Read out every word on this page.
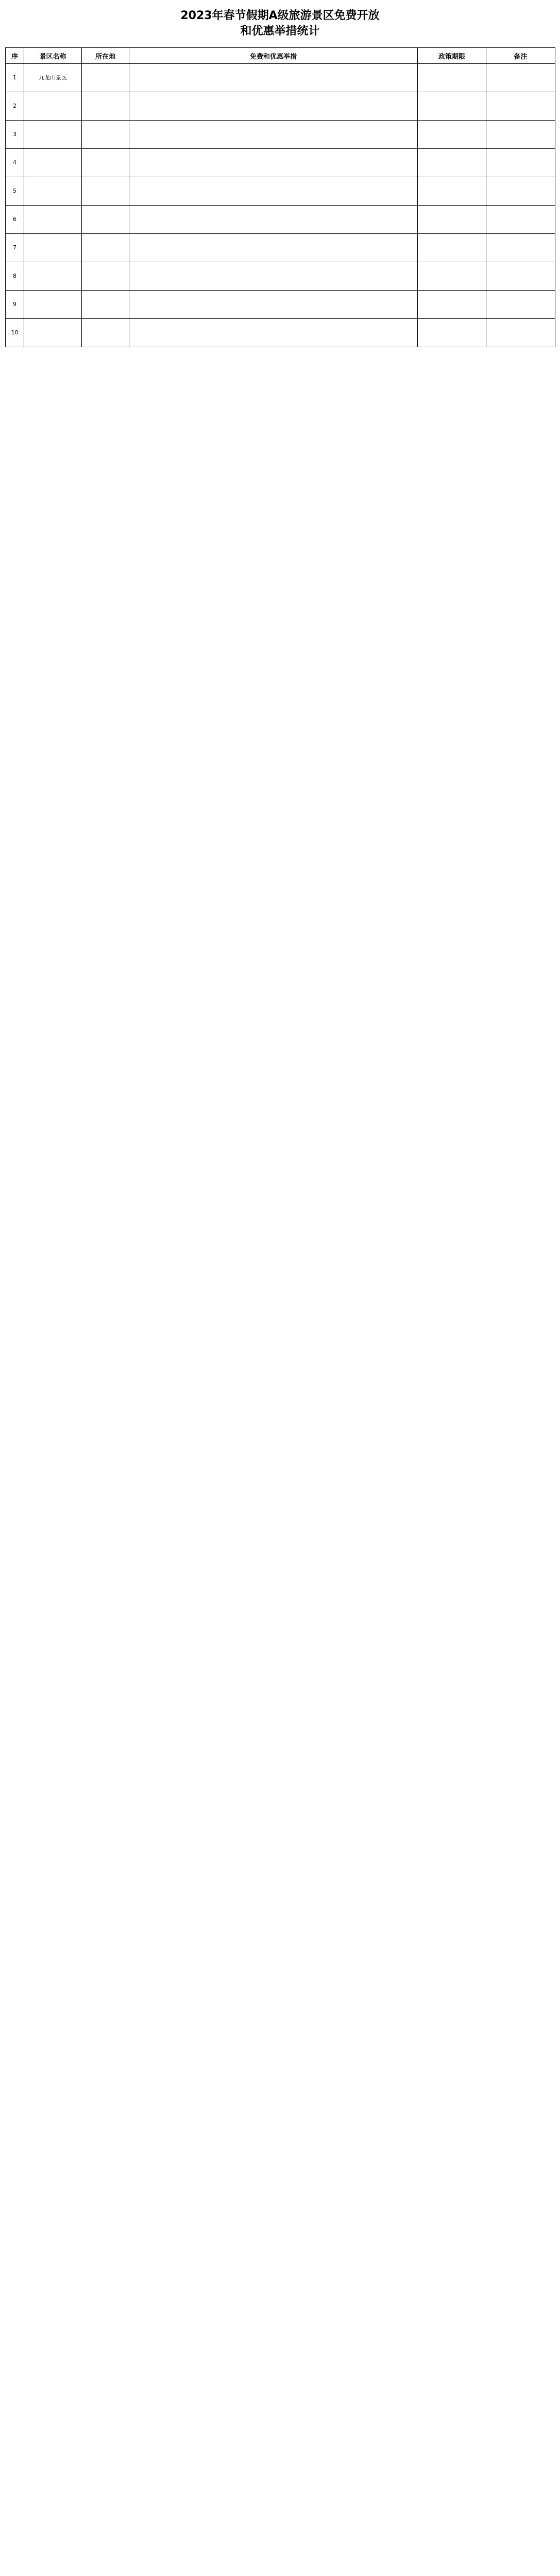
2023年春节假期A级旅游景区免费开放
和优惠举措统计
序	景区名称	所在地	免费和优惠举措	政策期限	备注
1	九龙山景区				
2					
3					
4					
5					
6					
7					
8					
9					
10					
